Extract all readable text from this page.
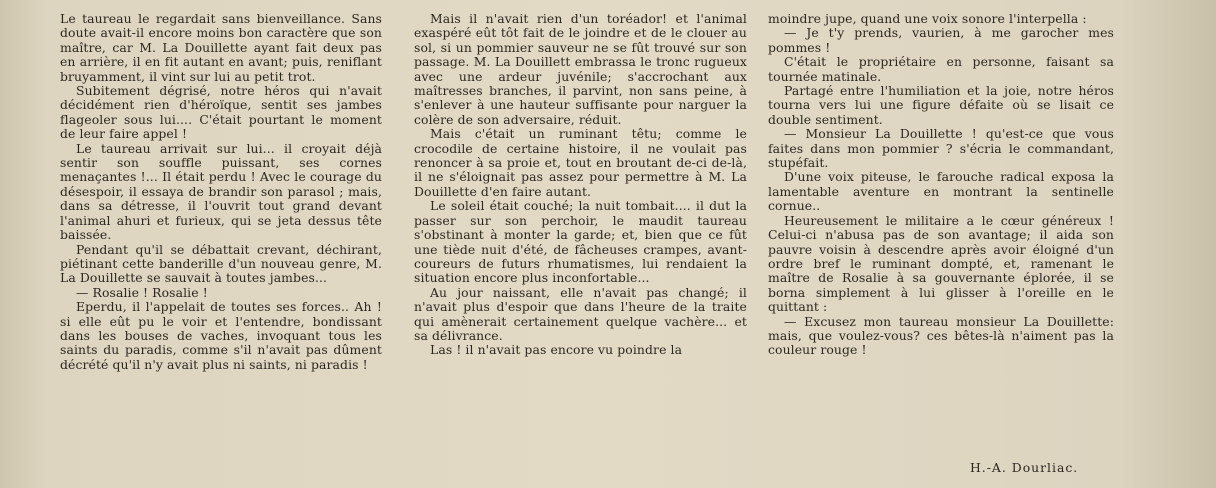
Le taureau le regardait sans bienveillance. Sans doute avait-il encore moins bon caractère que son maître, car M. La Douillette ayant fait deux pas en arrière, il en fit autant en avant; puis, reniflant bruyamment, il vint sur lui au petit trot.

Subitement dégrisé, notre héros qui n'avait décidément rien d'héroïque, sentit ses jambes flageoler sous lui.... C'était pourtant le moment de leur faire appel !

Le taureau arrivait sur lui... il croyait déjà sentir son souffle puissant, ses cornes menaçantes !... Il était perdu ! Avec le courage du désespoir, il essaya de brandir son parasol ; mais, dans sa détresse, il l'ouvrit tout grand devant l'animal ahuri et furieux, qui se jeta dessus tête baissée.

Pendant qu'il se débattait crevant, déchirant, piétinant cette banderille d'un nouveau genre, M. La Douillette se sauvait à toutes jambes...

— Rosalie ! Rosalie !

Eperdu, il l'appelait de toutes ses forces.. Ah ! si elle eût pu le voir et l'entendre, bondissant dans les bouses de vaches, invoquant tous les saints du paradis, comme s'il n'avait pas dûment décrété qu'il n'y avait plus ni saints, ni paradis !

Mais il n'avait rien d'un toréador! et l'animal exaspéré eût tôt fait de le joindre et de le clouer au sol, si un pommier sauveur ne se fût trouvé sur son passage. M. La Douillett embrassa le tronc rugueux avec une ardeur juvénile; s'accrochant aux maîtresses branches, il parvint, non sans peine, à s'enlever à une hauteur suffisante pour narguer la colère de son adversaire, réduit.

Mais c'était un ruminant têtu; comme le crocodile de certaine histoire, il ne voulait pas renoncer à sa proie et, tout en broutant de-ci de-là, il ne s'éloignait pas assez pour permettre à M. La Douillette d'en faire autant.

Le soleil était couché; la nuit tombait.... il dut la passer sur son perchoir, le maudit taureau s'obstinant à monter la garde; et, bien que ce fût une tiède nuit d'été, de fâcheuses crampes, avant-coureurs de futurs rhumatismes, lui rendaient la situation encore plus inconfortable...

Au jour naissant, elle n'avait pas changé; il n'avait plus d'espoir que dans l'heure de la traite qui amènerait certainement quelque vachère... et sa délivrance.

Las ! il n'avait pas encore vu poindre la

moindre jupe, quand une voix sonore l'interpella :

— Je t'y prends, vaurien, à me garocher mes pommes !

C'était le propriétaire en personne, faisant sa tournée matinale.

Partagé entre l'humiliation et la joie, notre héros tourna vers lui une figure défaite où se lisait ce double sentiment.

— Monsieur La Douillette ! qu'est-ce que vous faites dans mon pommier ? s'écria le commandant, stupéfait.

D'une voix piteuse, le farouche radical exposa la lamentable aventure en montrant la sentinelle cornue..

Heureusement le militaire a le cœur généreux ! Celui-ci n'abusa pas de son avantage; il aida son pauvre voisin à descendre après avoir éloigné d'un ordre bref le ruminant dompté, et, ramenant le maître de Rosalie à sa gouvernante éplorée, il se borna simplement à lui glisser à l'oreille en le quittant :

— Excusez mon taureau monsieur La Douillette: mais, que voulez-vous? ces bêtes-là n'aiment pas la couleur rouge !

H.-A. Dourliac.
